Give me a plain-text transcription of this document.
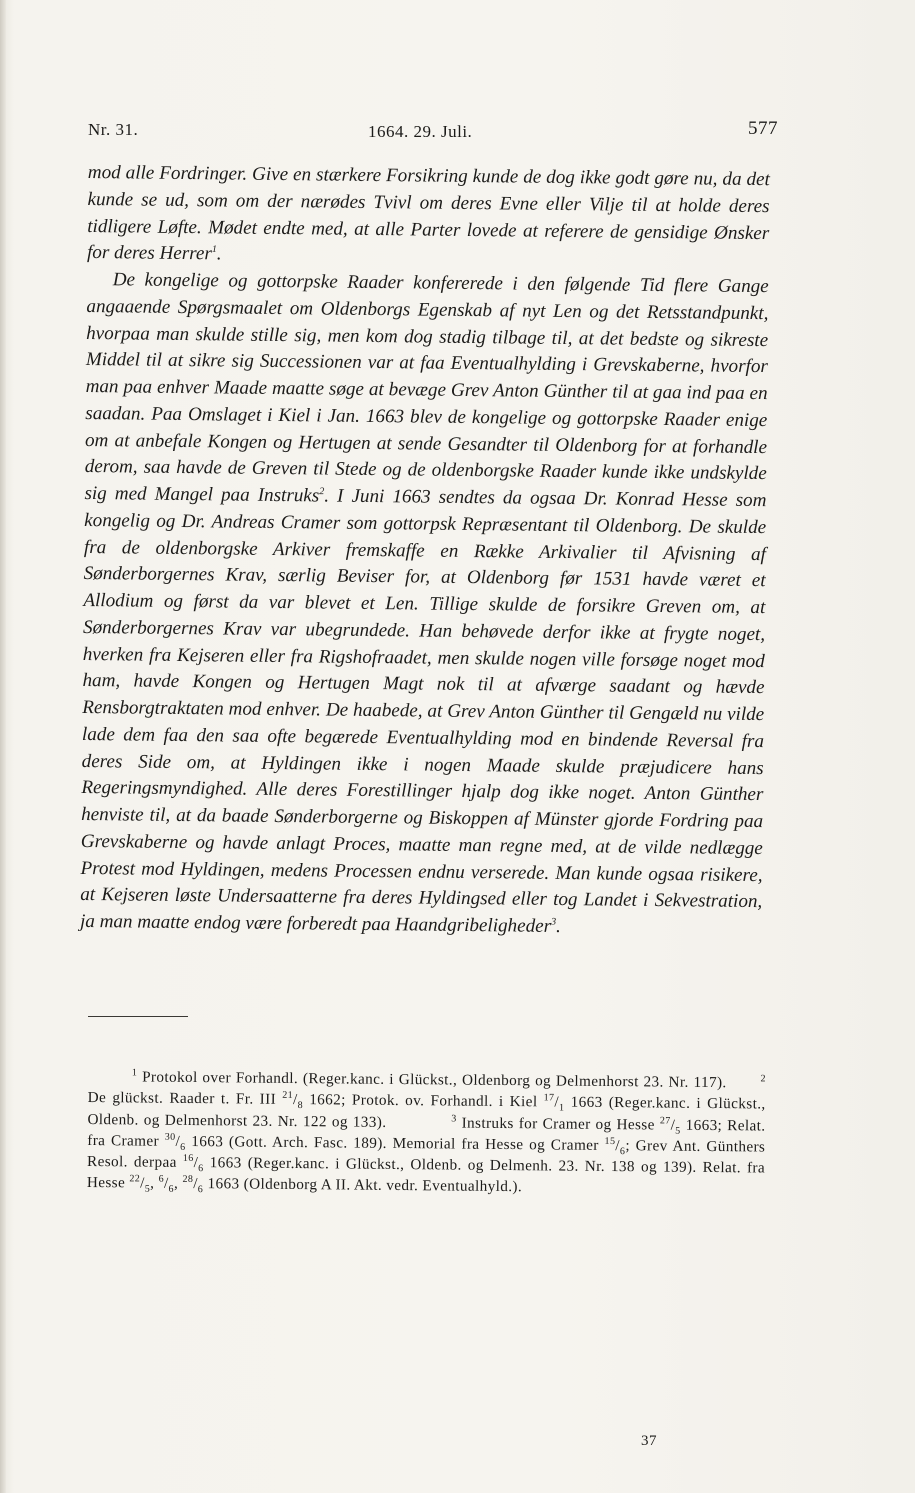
Nr. 31.	1664. 29. Juli.	577

mod alle Fordringer. Give en stærkere Forsikring kunde de dog ikke godt gøre nu, da det kunde se ud, som om der nærødes Tvivl om deres Evne eller Vilje til at holde deres tidligere Løfte. Mødet endte med, at alle Parter lovede at referere de gensidige Ønsker for deres Herrer$^1$.

De kongelige og gottorpske Raader konfererede i den følgende Tid flere Gange angaaende Spørgsmaalet om Oldenborgs Egenskab af nyt Len og det Retsstandpunkt, hvorpaa man skulde stille sig, men kom dog stadig tilbage til, at det bedste og sikreste Middel til at sikre sig Successionen var at faa Eventualhylding i Grevskaberne, hvorfor man paa enhver Maade maatte søge at bevæge Grev Anton Günther til at gaa ind paa en saadan. Paa Omslaget i Kiel i Jan. 1663 blev de kongelige og gottorpske Raader enige om at anbefale Kongen og Hertugen at sende Gesandter til Oldenborg for at forhandle derom, saa havde de Greven til Stede og de oldenborgske Raader kunde ikke undskylde sig med Mangel paa Instruks$^2$. I Juni 1663 sendtes da ogsaa Dr. Konrad Hesse som kongelig og Dr. Andreas Cramer som gottorpsk Repræsentant til Oldenborg. De skulde fra de oldenborgske Arkiver fremskaffe en Række Arkivalier til Afvisning af Sønderborgernes Krav, særlig Beviser for, at Oldenborg før 1531 havde været et Allodium og først da var blevet et Len. Tillige skulde de forsikre Greven om, at Sønderborgernes Krav var ubegrundede. Han behøvede derfor ikke at frygte noget, hverken fra Kejseren eller fra Rigshofraadet, men skulde nogen ville forsøge noget mod ham, havde Kongen og Hertugen Magt nok til at afværge saadant og hævde Rensborgtraktaten mod enhver. De haabede, at Grev Anton Günther til Gengæld nu vilde lade dem faa den saa ofte begærede Eventualhylding mod en bindende Reversal fra deres Side om, at Hyldingen ikke i nogen Maade skulde præjudicere hans Regeringsmyndighed. Alle deres Forestillinger hjalp dog ikke noget. Anton Günther henviste til, at da baade Sønderborgerne og Biskoppen af Münster gjorde Fordring paa Grevskaberne og havde anlagt Proces, maatte man regne med, at de vilde nedlægge Protest mod Hyldingen, medens Processen endnu verserede. Man kunde ogsaa risikere, at Kejseren løste Undersaatterne fra deres Hyldingsed eller tog Landet i Sekvestration, ja man maatte endog være forberedt paa Haandgribeligheder$^3$.

$^1$ Protokol over Forhandl. (Reger.kanc. i Glückst., Oldenborg og Delmenhorst 23. Nr. 117).	$^2$ De glückst. Raader t. Fr. III $^{21}/_8$ 1662; Protok. ov. Forhandl. i Kiel $^{17}/_1$ 1663 (Reger.kanc. i Glückst., Oldenb. og Delmenhorst 23. Nr. 122 og 133).	$^3$ Instruks for Cramer og Hesse $^{27}/_5$ 1663; Relat. fra Cramer $^{30}/_6$ 1663 (Gott. Arch. Fasc. 189). Memorial fra Hesse og Cramer $^{15}/_6$; Grev Ant. Günthers Resol. derpaa $^{16}/_6$ 1663 (Reger.kanc. i Glückst., Oldenb. og Delmenh. 23. Nr. 138 og 139). Relat. fra Hesse $^{22}/_5$, $^6/_6$, $^{28}/_6$ 1663 (Oldenborg A II. Akt. vedr. Eventualhyld.).
37
